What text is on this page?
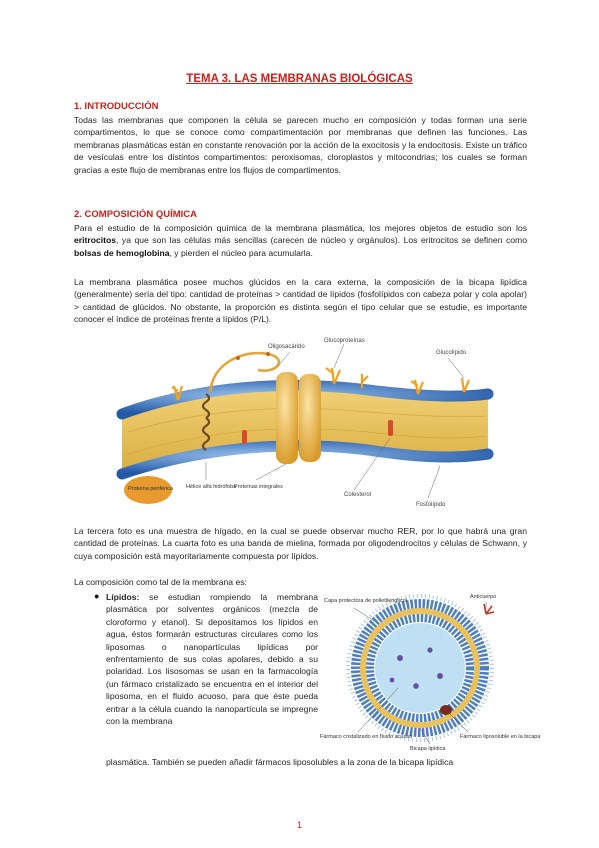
TEMA 3. LAS MEMBRANAS BIOLÓGICAS
1. INTRODUCCIÓN
Todas las membranas que componen la célula se parecen mucho en composición y todas forman una serie compartimentos, lo que se conoce como compartimentación por membranas que definen las funciones. Las membranas plasmáticas están en constante renovación por la acción de la exocitosis y la endocitosis. Existe un tráfico de vesículas entre los distintos compartimentos: peroxisomas, cloroplastos y mitocondrias; los cuales se forman gracias a este flujo de membranas entre los flujos de compartimentos.
2. COMPOSICIÓN QUÍMICA
Para el estudio de la composición química de la membrana plasmática, los mejores objetos de estudio son los eritrocitos, ya que son las células más sencillas (carecen de núcleo y orgánulos). Los eritrocitos se definen como bolsas de hemoglobina, y pierden el núcleo para acumularla.
La membrana plasmática posee muchos glúcidos en la cara externa, la composición de la bicapa lipídica (generalmente) sería del tipo: cantidad de proteínas > cantidad de lípidos (fosfolípidos con cabeza polar y cola apolar) > cantidad de glúcidos. No obstante, la proporción es distinta según el tipo celular que se estudie, es importante conocer el índice de proteínas frente a lípidos (P/L).
Oligosacárido
Glucoproteínas
Glucolípido
Proteína periférica Hélice alfa hidrófoba
Proteínas integrales
Colesterol
Fosfolípido
La tercera foto es una muestra de hígado, en la cual se puede observar mucho RER, por lo que habrá una gran cantidad de proteínas. La cuarta foto es una banda de mielina, formada por oligodendrocitos y células de Schwann, y cuya composición está mayoritariamente compuesta por lípidos.
La composición como tal de la membrana es:
● Lípidos: se estudian rompiendo la membrana plasmática por solventes orgánicos (mezcla de cloroformo y etanol). Si depositamos los lípidos en agua, éstos formarán estructuras circulares como los liposomas o nanopartículas lipídicas por enfrentamiento de sus colas apolares, debido a su polaridad. Los lisosomas se usan en la farmacología (un fármaco cristalizado se encuentra en el interior del liposoma, en el fluido acuoso, para que éste pueda entrar a la célula cuando la nanopartícula se impregne con la membrana
Capa protectora de polietilenglicol
Anticuerpo
Fármaco cristalizado en fluido acuoso
Bicapa lipídica
Fármaco liposoluble en la bicapa
plasmática. También se pueden añadir fármacos liposolubles a la zona de la bicapa lipídica
1
